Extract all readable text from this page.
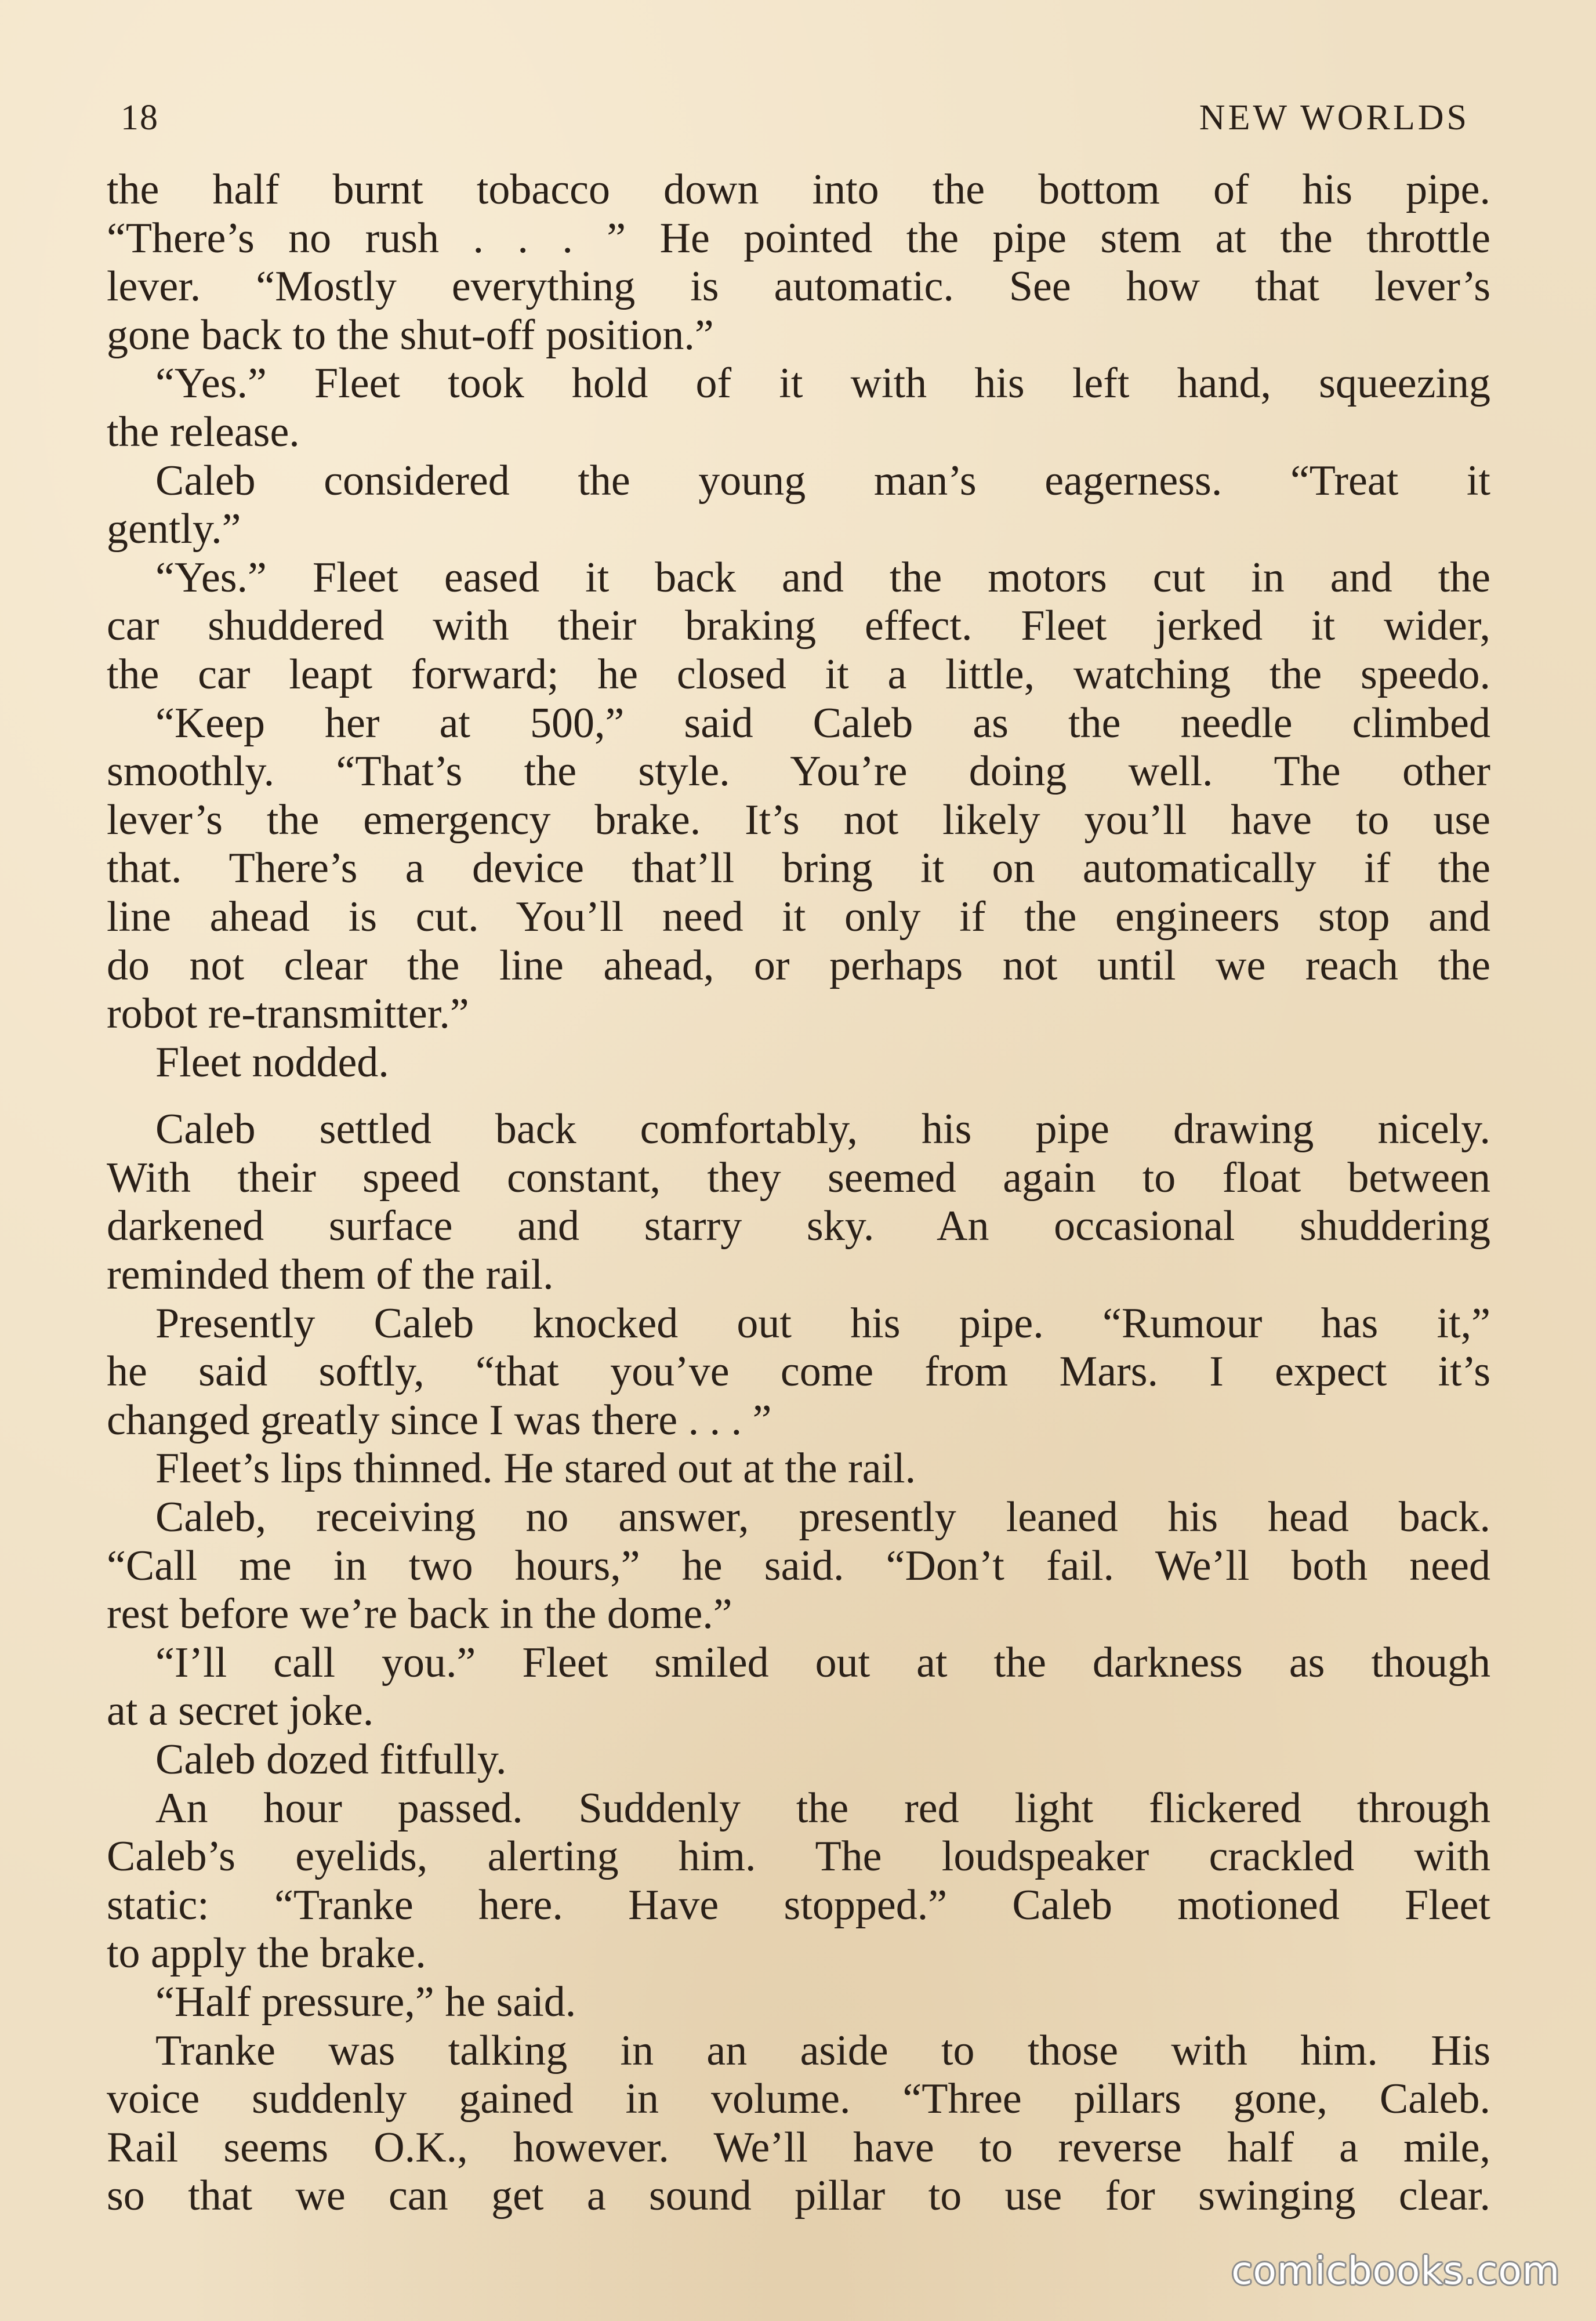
18	NEW WORLDS
the half burnt tobacco down into the bottom of his pipe.
“There’s no rush . . . ” He pointed the pipe stem at the throttle
lever. “Mostly everything is automatic. See how that lever’s
gone back to the shut-off position.”
“Yes.” Fleet took hold of it with his left hand, squeezing
the release.
Caleb considered the young man’s eagerness. “Treat it
gently.”
“Yes.” Fleet eased it back and the motors cut in and the
car shuddered with their braking effect. Fleet jerked it wider,
the car leapt forward; he closed it a little, watching the speedo.
“Keep her at 500,” said Caleb as the needle climbed
smoothly. “That’s the style. You’re doing well. The other
lever’s the emergency brake. It’s not likely you’ll have to use
that. There’s a device that’ll bring it on automatically if the
line ahead is cut. You’ll need it only if the engineers stop and
do not clear the line ahead, or perhaps not until we reach the
robot re-transmitter.”
Fleet nodded.
Caleb settled back comfortably, his pipe drawing nicely.
With their speed constant, they seemed again to float between
darkened surface and starry sky. An occasional shuddering
reminded them of the rail.
Presently Caleb knocked out his pipe. “Rumour has it,”
he said softly, “that you’ve come from Mars. I expect it’s
changed greatly since I was there . . . ”
Fleet’s lips thinned. He stared out at the rail.
Caleb, receiving no answer, presently leaned his head back.
“Call me in two hours,” he said. “Don’t fail. We’ll both need
rest before we’re back in the dome.”
“I’ll call you.” Fleet smiled out at the darkness as though
at a secret joke.
Caleb dozed fitfully.
An hour passed. Suddenly the red light flickered through
Caleb’s eyelids, alerting him. The loudspeaker crackled with
static: “Tranke here. Have stopped.” Caleb motioned Fleet
to apply the brake.
“Half pressure,” he said.
Tranke was talking in an aside to those with him. His
voice suddenly gained in volume. “Three pillars gone, Caleb.
Rail seems O.K., however. We’ll have to reverse half a mile,
so that we can get a sound pillar to use for swinging clear.
comicbooks.com
